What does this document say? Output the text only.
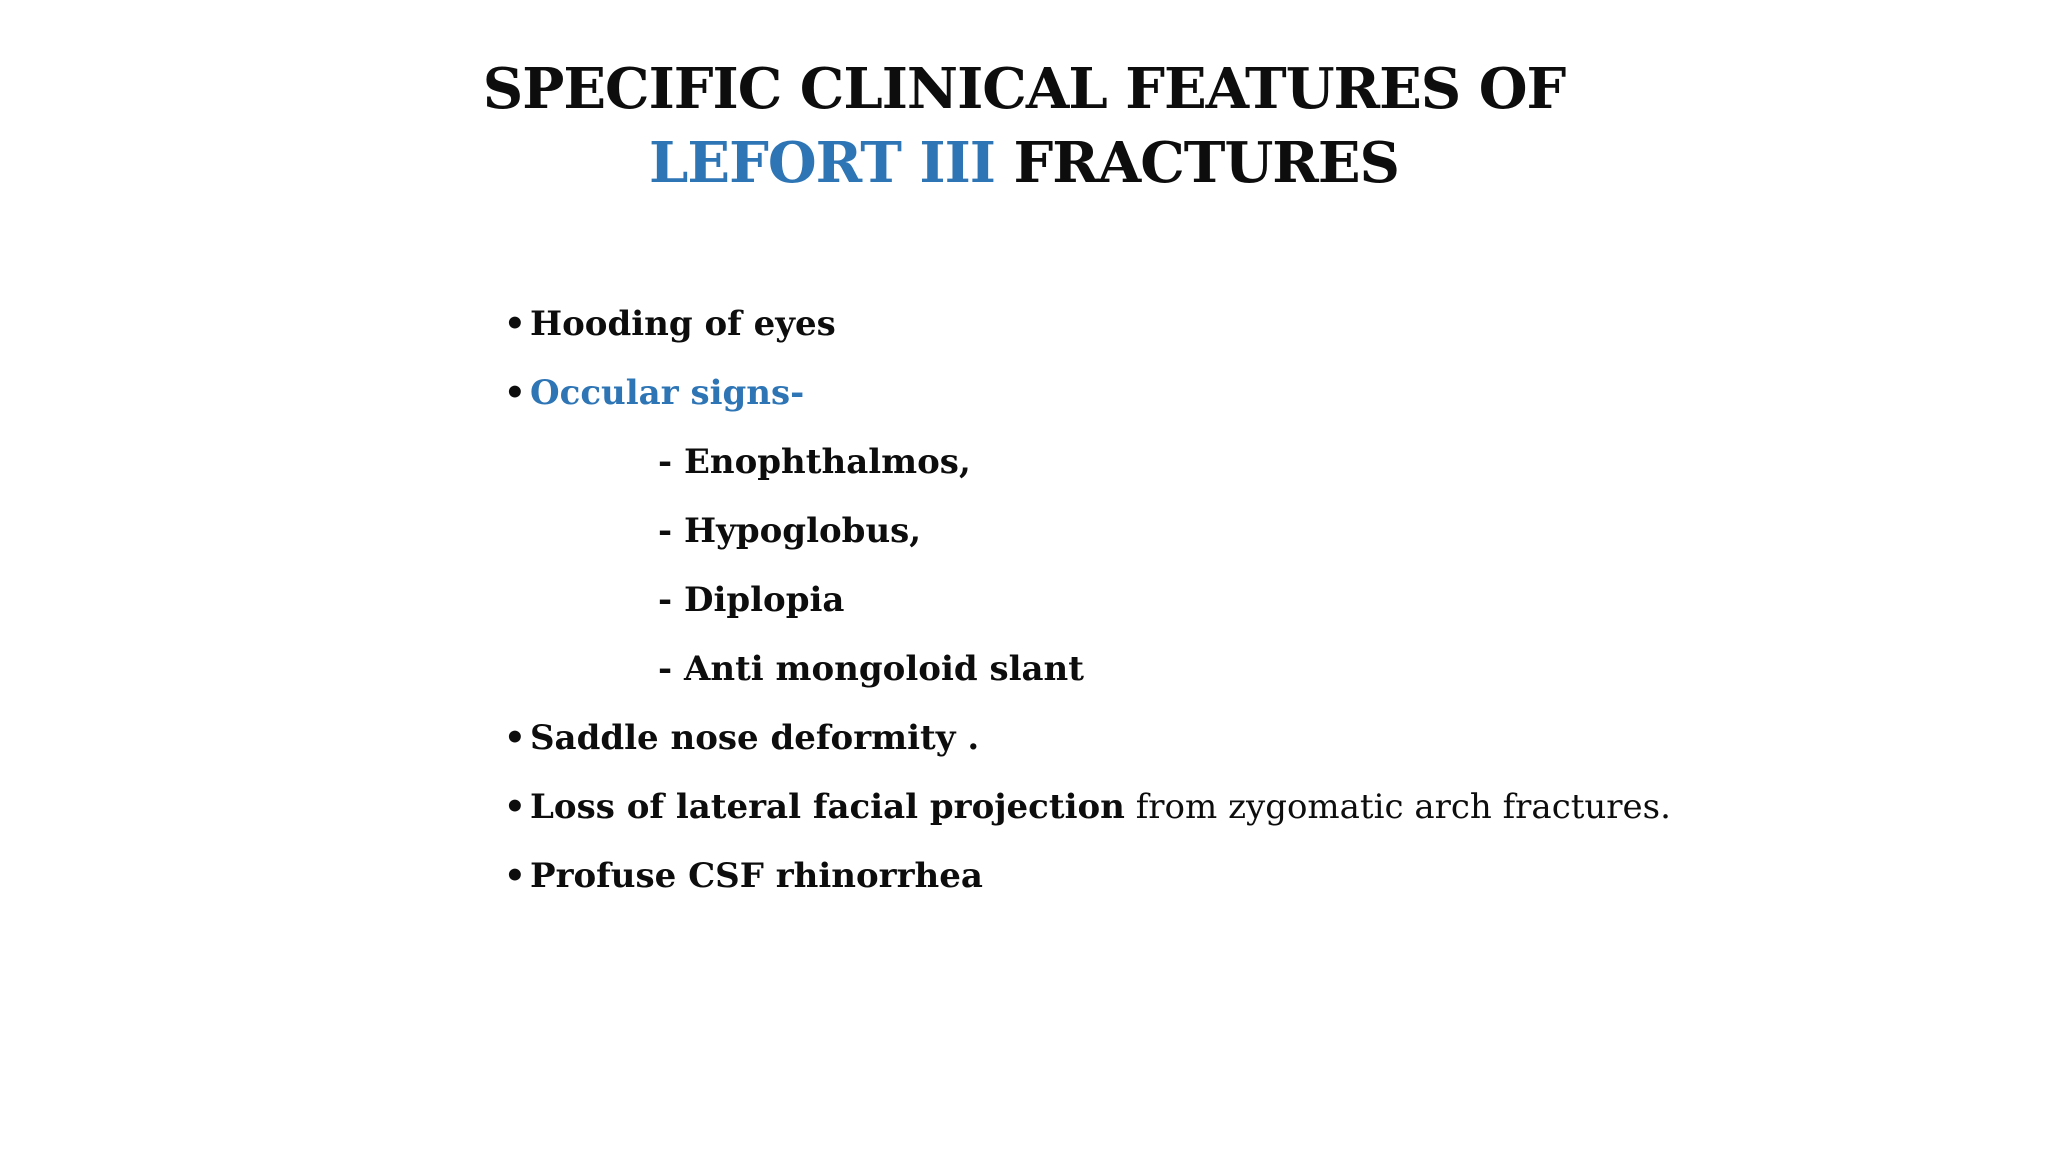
SPECIFIC CLINICAL FEATURES OF
LEFORT III FRACTURES
• Hooding of eyes
• Occular signs-
- Enophthalmos,
- Hypoglobus,
- Diplopia
- Anti mongoloid slant
• Saddle nose deformity .
• Loss of lateral facial projection from zygomatic arch fractures.
• Profuse CSF rhinorrhea
